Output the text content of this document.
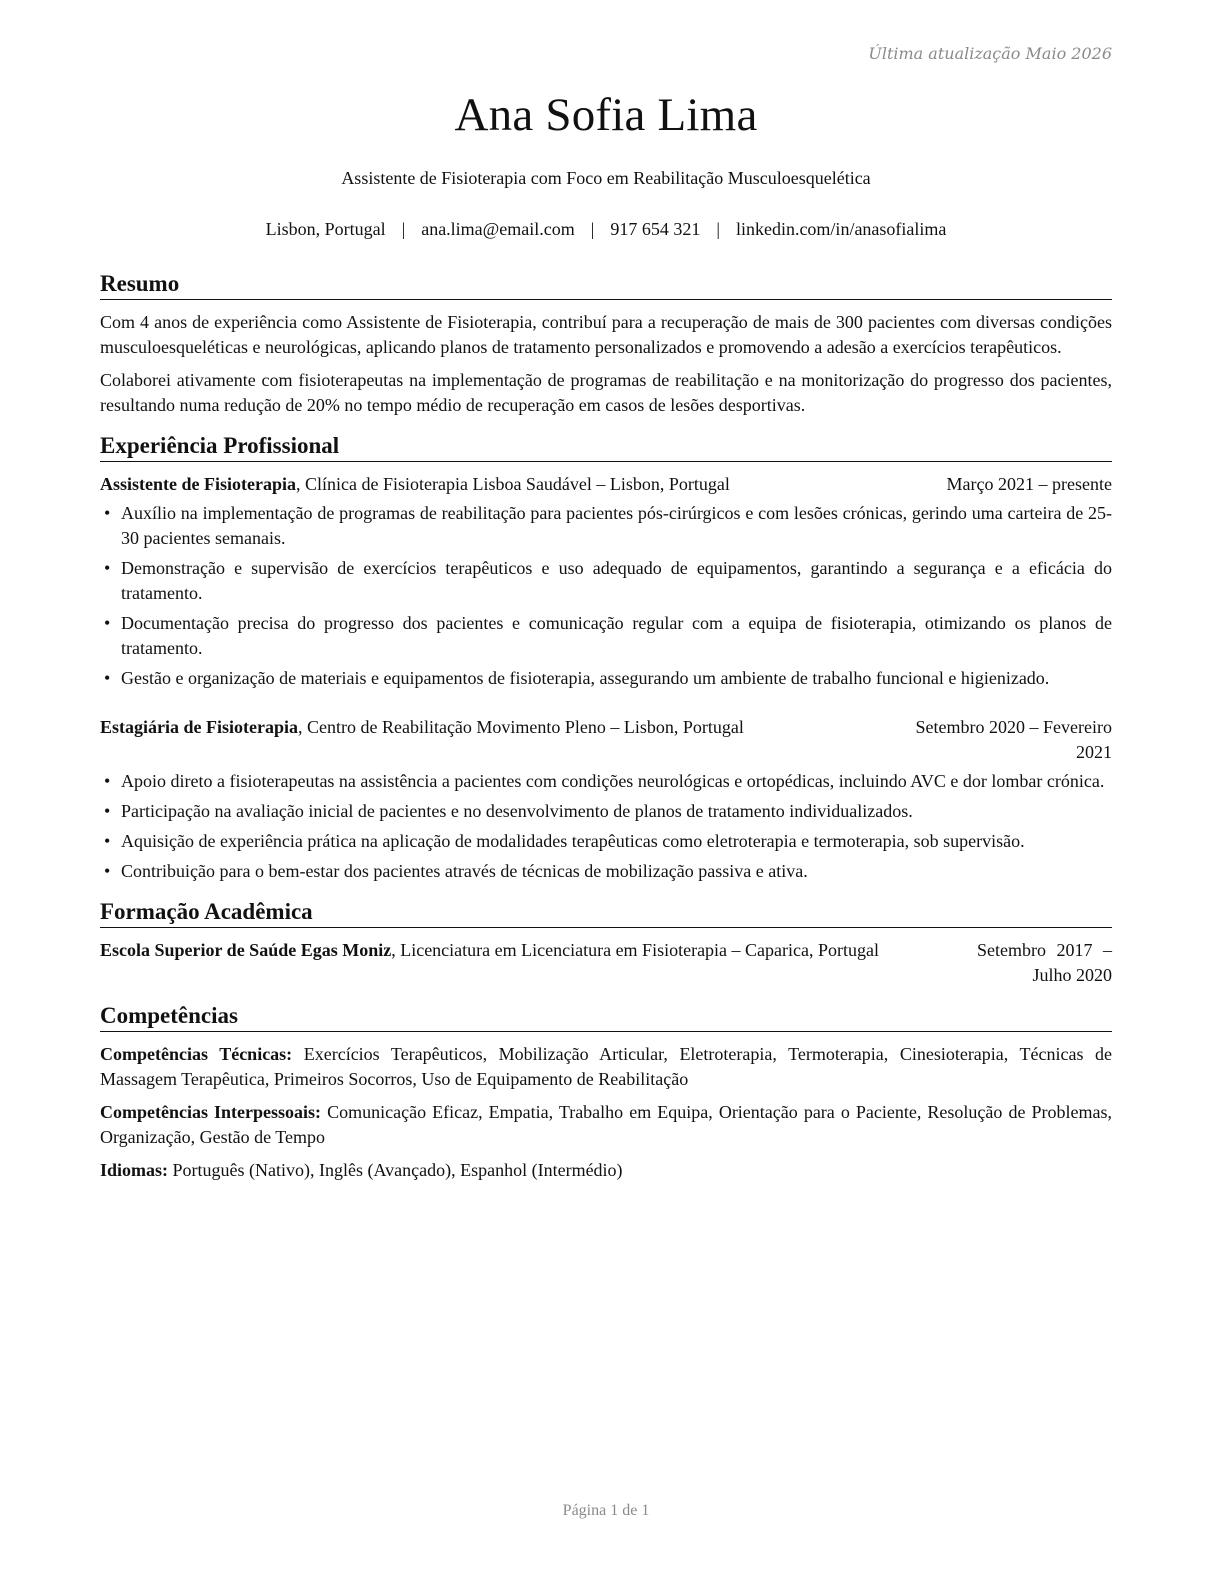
Última atualização Maio 2026
Ana Sofia Lima
Assistente de Fisioterapia com Foco em Reabilitação Musculoesquelética
Lisbon, Portugal | ana.lima@email.com | 917 654 321 | linkedin.com/in/anasofialima
Resumo

Com 4 anos de experiência como Assistente de Fisioterapia, contribuí para a recuperação de mais de 300 pacientes com diversas condições musculoesqueléticas e neurológicas, aplicando planos de tratamento personalizados e promovendo a adesão a exercícios terapêuticos.

Colaborei ativamente com fisioterapeutas na implementação de programas de reabilitação e na monitorização do progresso dos pacientes, resultando numa redução de 20% no tempo médio de recuperação em casos de lesões desportivas.

Experiência Profissional
Assistente de Fisioterapia, Clínica de Fisioterapia Lisboa Saudável – Lisbon, Portugal	Março 2021 – presente
• Auxílio na implementação de programas de reabilitação para pacientes pós-cirúrgicos e com lesões crónicas, gerindo uma carteira de 25-30 pacientes semanais.
• Demonstração e supervisão de exercícios terapêuticos e uso adequado de equipamentos, garantindo a segurança e a eficácia do tratamento.
• Documentação precisa do progresso dos pacientes e comunicação regular com a equipa de fisioterapia, otimizando os planos de tratamento.
• Gestão e organização de materiais e equipamentos de fisioterapia, assegurando um ambiente de trabalho funcional e higienizado.
Estagiária de Fisioterapia, Centro de Reabilitação Movimento Pleno – Lisbon, Portugal	Setembro 2020 – Fevereiro 2021
• Apoio direto a fisioterapeutas na assistência a pacientes com condições neurológicas e ortopédicas, incluindo AVC e dor lombar crónica.
• Participação na avaliação inicial de pacientes e no desenvolvimento de planos de tratamento individualizados.
• Aquisição de experiência prática na aplicação de modalidades terapêuticas como eletroterapia e termoterapia, sob supervisão.
• Contribuição para o bem-estar dos pacientes através de técnicas de mobilização passiva e ativa.
Formação Acadêmica
Escola Superior de Saúde Egas Moniz, Licenciatura em Licenciatura em Fisioterapia – Caparica, Portugal	Setembro 2017 – Julho 2020
Competências
Competências Técnicas: Exercícios Terapêuticos, Mobilização Articular, Eletroterapia, Termoterapia, Cinesioterapia, Técnicas de Massagem Terapêutica, Primeiros Socorros, Uso de Equipamento de Reabilitação
Competências Interpessoais: Comunicação Eficaz, Empatia, Trabalho em Equipa, Orientação para o Paciente, Resolução de Problemas, Organização, Gestão de Tempo
Idiomas: Português (Nativo), Inglês (Avançado), Espanhol (Intermédio)
Página 1 de 1
